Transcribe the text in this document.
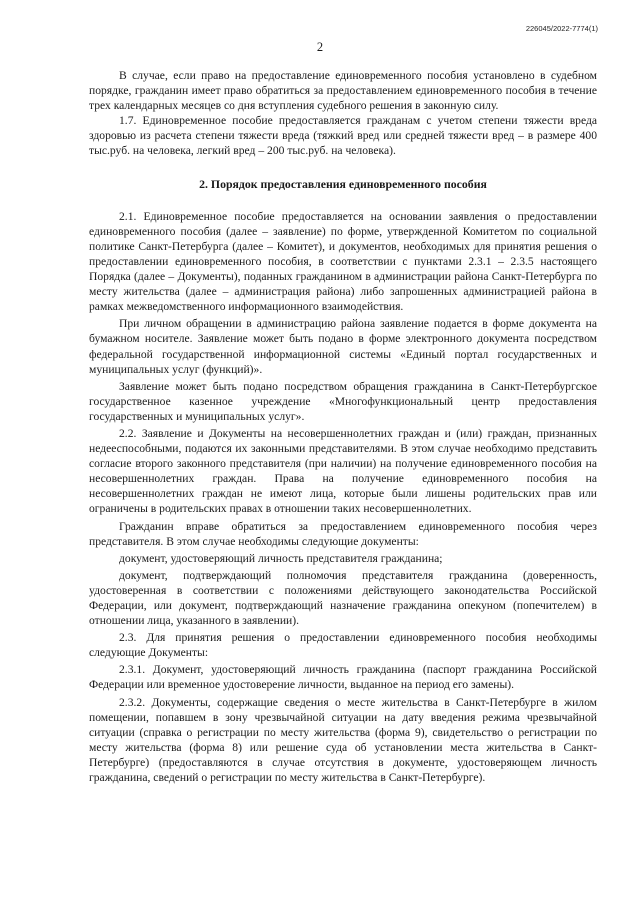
226045/2022-7774(1)
2

В случае, если право на предоставление единовременного пособия установлено в судебном порядке, гражданин имеет право обратиться за предоставлением единовременного пособия в течение трех календарных месяцев со дня вступления судебного решения в законную силу.

1.7. Единовременное пособие предоставляется гражданам с учетом степени тяжести вреда здоровью из расчета степени тяжести вреда (тяжкий вред или средней тяжести вред – в размере 400 тыс.руб. на человека, легкий вред – 200 тыс.руб. на человека).

2. Порядок предоставления единовременного пособия

2.1. Единовременное пособие предоставляется на основании заявления о предоставлении единовременного пособия (далее – заявление) по форме, утвержденной Комитетом по социальной политике Санкт-Петербурга (далее – Комитет), и документов, необходимых для принятия решения о предоставлении единовременного пособия, в соответствии с пунктами 2.3.1 – 2.3.5 настоящего Порядка (далее – Документы), поданных гражданином в администрации района Санкт-Петербурга по месту жительства (далее – администрация района) либо запрошенных администрацией района в рамках межведомственного информационного взаимодействия.

При личном обращении в администрацию района заявление подается в форме документа на бумажном носителе. Заявление может быть подано в форме электронного документа посредством федеральной государственной информационной системы «Единый портал государственных и муниципальных услуг (функций)».

Заявление может быть подано посредством обращения гражданина в Санкт-Петербургское государственное казенное учреждение «Многофункциональный центр предоставления государственных и муниципальных услуг».

2.2. Заявление и Документы на несовершеннолетних граждан и (или) граждан, признанных недееспособными, подаются их законными представителями. В этом случае необходимо представить согласие второго законного представителя (при наличии) на получение единовременного пособия на несовершеннолетних граждан. Права на получение единовременного пособия на несовершеннолетних граждан не имеют лица, которые были лишены родительских прав или ограничены в родительских правах в отношении таких несовершеннолетних.

Гражданин вправе обратиться за предоставлением единовременного пособия через представителя. В этом случае необходимы следующие документы:

документ, удостоверяющий личность представителя гражданина;

документ, подтверждающий полномочия представителя гражданина (доверенность, удостоверенная в соответствии с положениями действующего законодательства Российской Федерации, или документ, подтверждающий назначение гражданина опекуном (попечителем) в отношении лица, указанного в заявлении).

2.3. Для принятия решения о предоставлении единовременного пособия необходимы следующие Документы:

2.3.1. Документ, удостоверяющий личность гражданина (паспорт гражданина Российской Федерации или временное удостоверение личности, выданное на период его замены).

2.3.2. Документы, содержащие сведения о месте жительства в Санкт-Петербурге в жилом помещении, попавшем в зону чрезвычайной ситуации на дату введения режима чрезвычайной ситуации (справка о регистрации по месту жительства (форма 9), свидетельство о регистрации по месту жительства (форма 8) или решение суда об установлении места жительства в Санкт-Петербурге) (предоставляются в случае отсутствия в документе, удостоверяющем личность гражданина, сведений о регистрации по месту жительства в Санкт-Петербурге).
